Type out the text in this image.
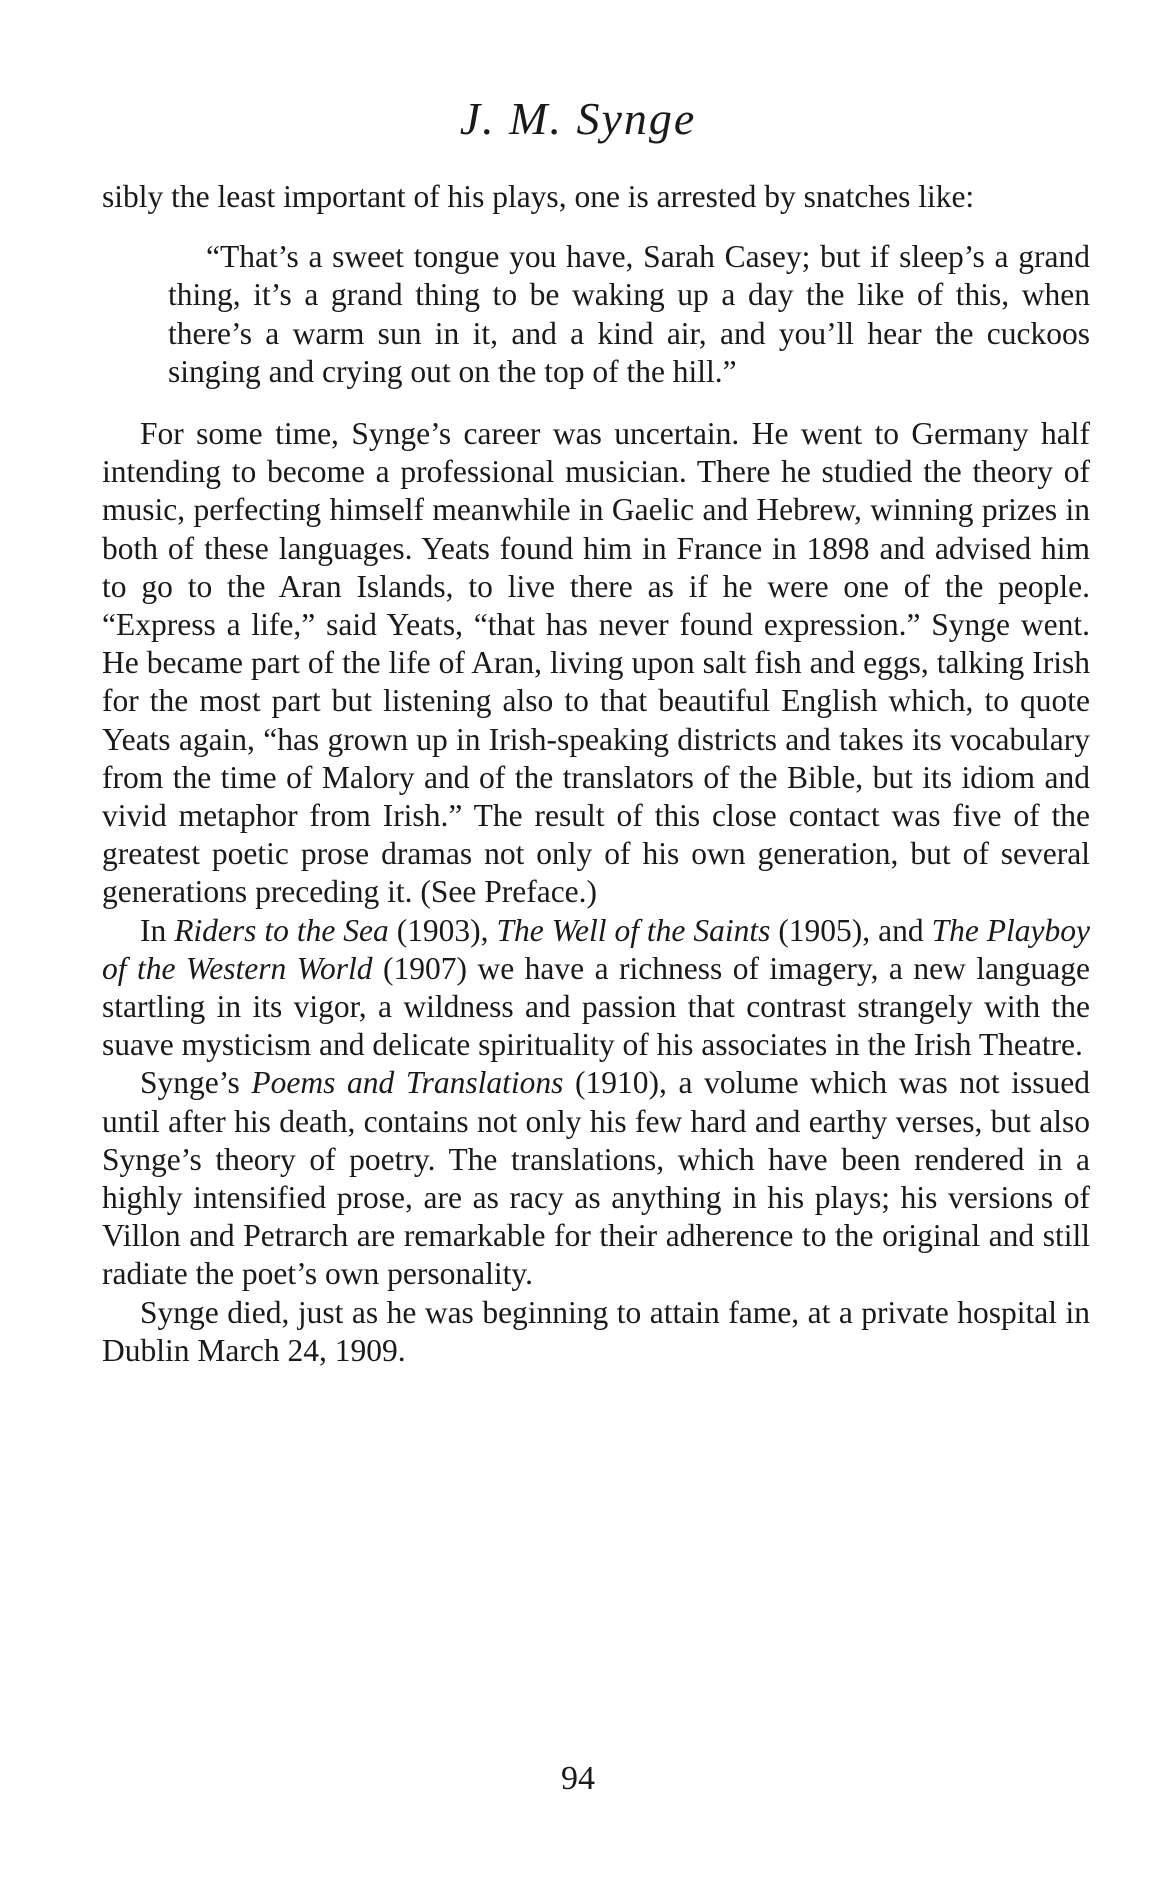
J. M. Synge

sibly the least important of his plays, one is arrested by snatches like:

“That’s a sweet tongue you have, Sarah Casey; but if sleep’s a grand thing, it’s a grand thing to be waking up a day the like of this, when there’s a warm sun in it, and a kind air, and you’ll hear the cuckoos singing and crying out on the top of the hill.”

For some time, Synge’s career was uncertain. He went to Germany half intending to become a professional musician. There he studied the theory of music, perfecting himself meanwhile in Gaelic and Hebrew, winning prizes in both of these languages. Yeats found him in France in 1898 and advised him to go to the Aran Islands, to live there as if he were one of the people. “Express a life,” said Yeats, “that has never found expression.” Synge went. He became part of the life of Aran, living upon salt fish and eggs, talking Irish for the most part but listening also to that beautiful English which, to quote Yeats again, “has grown up in Irish-speaking districts and takes its vocabulary from the time of Malory and of the translators of the Bible, but its idiom and vivid metaphor from Irish.” The result of this close contact was five of the greatest poetic prose dramas not only of his own generation, but of several generations preceding it. (See Preface.)

In Riders to the Sea (1903), The Well of the Saints (1905), and The Playboy of the Western World (1907) we have a richness of imagery, a new language startling in its vigor, a wildness and passion that contrast strangely with the suave mysticism and delicate spirituality of his associates in the Irish Theatre.

Synge’s Poems and Translations (1910), a volume which was not issued until after his death, contains not only his few hard and earthy verses, but also Synge’s theory of poetry. The translations, which have been rendered in a highly intensified prose, are as racy as anything in his plays; his versions of Villon and Petrarch are remarkable for their adherence to the original and still radiate the poet’s own personality.

Synge died, just as he was beginning to attain fame, at a private hospital in Dublin March 24, 1909.

94
